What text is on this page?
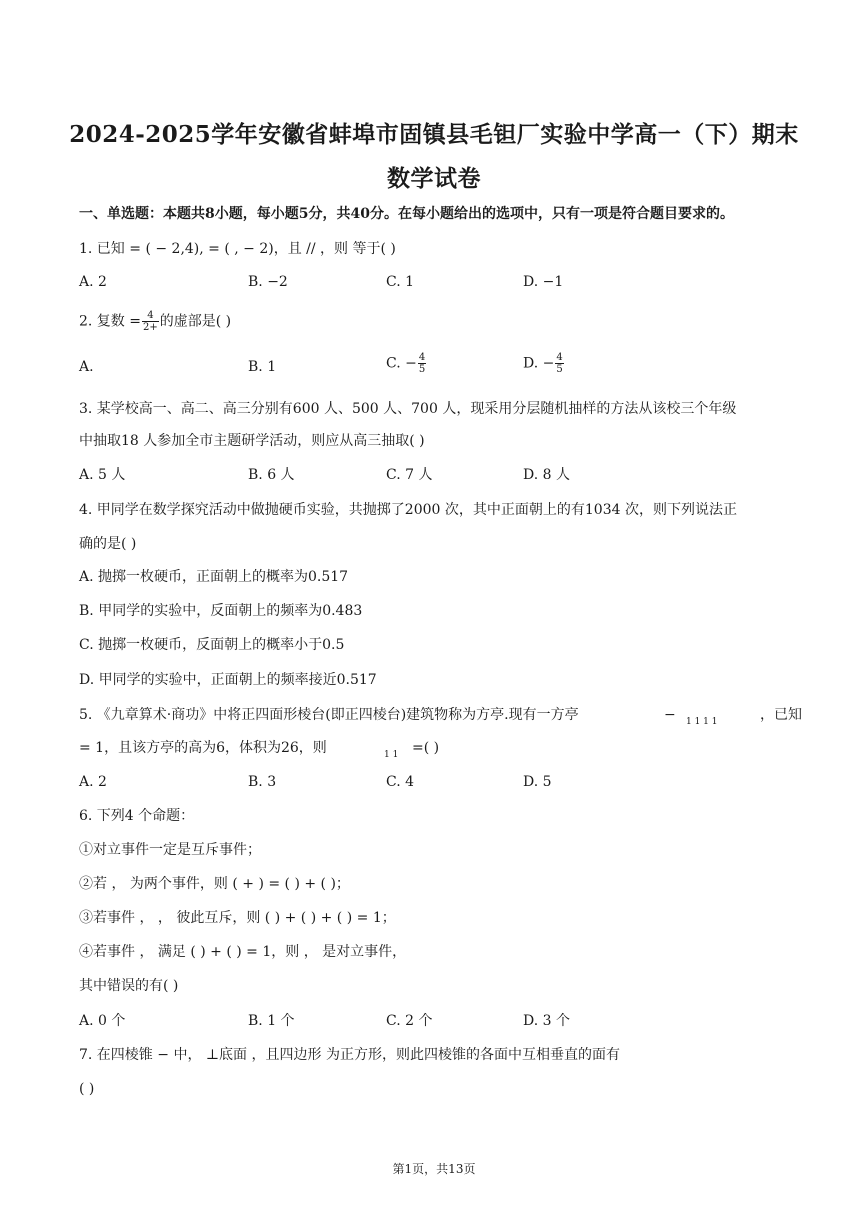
2024-2025学年安徽省蚌埠市固镇县毛钽厂实验中学高一（下）期末
数学试卷
一、单选题：本题共8小题，每小题5分，共40分。在每小题给出的选项中，只有一项是符合题目要求的。
1. 已知 = ( − 2,4), = ( , − 2)，且 // ，则 等于( )
A. 2	B. −2	C. 1	D. −1
2. 复数 = $\frac{4}{2+}$ 的虚部是( )
A.	B. 1	C. − $\frac{4}{5}$	D. − $\frac{4}{5}$
3. 某学校高一、高二、高三分别有600 人、500 人、700 人，现采用分层随机抽样的方法从该校三个年级
中抽取18 人参加全市主题研学活动，则应从高三抽取( )
A. 5 人	B. 6 人	C. 7 人	D. 8 人
4. 甲同学在数学探究活动中做抛硬币实验，共抛掷了2000 次，其中正面朝上的有1034 次，则下列说法正
确的是( )
A. 抛掷一枚硬币，正面朝上的概率为0.517
B. 甲同学的实验中，反面朝上的频率为0.483
C. 抛掷一枚硬币，反面朝上的概率小于0.5
D. 甲同学的实验中，正面朝上的频率接近0.517
5. 《九章算术·商功》中将正四面形棱台(即正四棱台)建筑物称为方亭.现有一方亭	− 1 1 1 1	，已知
= 1，且该方亭的高为6，体积为26，则	1 1 =( )
A. 2	B. 3	C. 4	D. 5
6. 下列4 个命题：
①对立事件一定是互斥事件；
②若 ， 为两个事件，则 ( + ) = ( ) + ( )；
③若事件 ， ， 彼此互斥，则 ( ) + ( ) + ( ) = 1；
④若事件 ， 满足 ( ) + ( ) = 1，则 ， 是对立事件，
其中错误的有( )
A. 0 个	B. 1 个	C. 2 个	D. 3 个
7. 在四棱锥 − 中， ⊥底面 ，且四边形 为正方形，则此四棱锥的各面中互相垂直的面有
( )
第1页，共13页
